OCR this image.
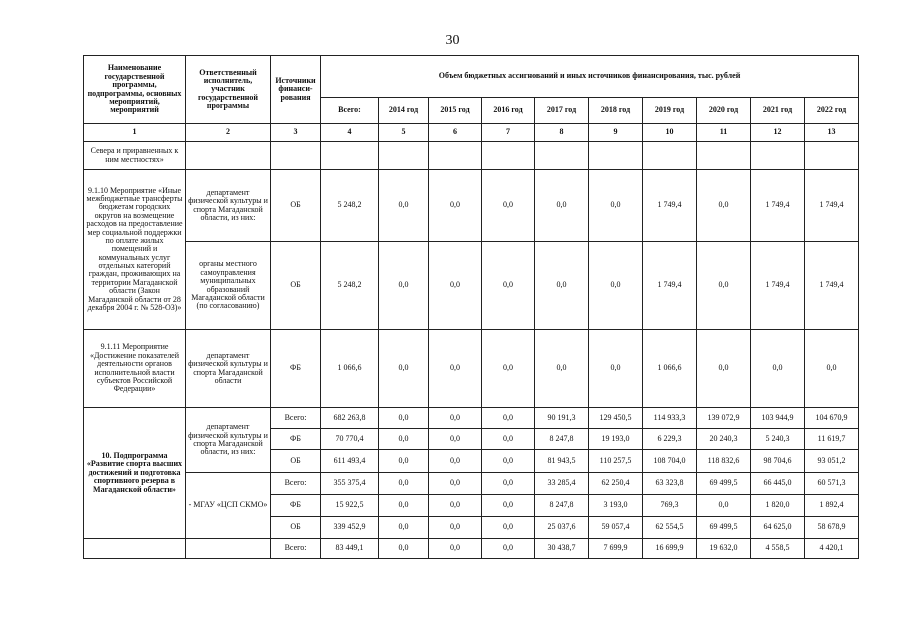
30
Наименование государственной программы, подпрограммы, основных мероприятий, мероприятий	Ответственный исполнитель, участник государственной программы	Источники финанси-рования	Объем бюджетных ассигнований и иных источников финансирования, тыс. рублей									
			Всего:	2014 год	2015 год	2016 год	2017 год	2018 год	2019 год	2020 год	2021 год	2022 год
1	2	3	4	5	6	7	8	9	10	11	12	13
Севера и приравненных к ним местностях»												
9.1.10 Мероприятие «Иные межбюджетные трансферты бюджетам городских округов на возмещение расходов на предоставление мер социальной поддержки по оплате жилых помещений и коммунальных услуг отдельных категорий граждан, проживающих на территории Магаданской области (Закон Магаданской области от 28 декабря 2004 г. № 528-ОЗ)»	департамент физической культуры и спорта Магаданской области, из них:	ОБ	5 248,2	0,0	0,0	0,0	0,0	0,0	1 749,4	0,0	1 749,4	1 749,4
	органы местного самоуправления муниципальных образований Магаданской области (по согласованию)	ОБ	5 248,2	0,0	0,0	0,0	0,0	0,0	1 749,4	0,0	1 749,4	1 749,4
9.1.11 Мероприятие «Достижение показателей деятельности органов исполнительной власти субъектов Российской Федерации»	департамент физической культуры и спорта Магаданской области	ФБ	1 066,6	0,0	0,0	0,0	0,0	0,0	1 066,6	0,0	0,0	0,0
10. Подпрограмма «Развитие спорта высших достижений и подготовка спортивного резерва в Магаданской области»	департамент физической культуры и спорта Магаданской области, из них:	Всего:	682 263,8	0,0	0,0	0,0	90 191,3	129 450,5	114 933,3	139 072,9	103 944,9	104 670,9
		ФБ	70 770,4	0,0	0,0	0,0	8 247,8	19 193,0	6 229,3	20 240,3	5 240,3	11 619,7
		ОБ	611 493,4	0,0	0,0	0,0	81 943,5	110 257,5	108 704,0	118 832,6	98 704,6	93 051,2
	- МГАУ «ЦСП СКМО»	Всего:	355 375,4	0,0	0,0	0,0	33 285,4	62 250,4	63 323,8	69 499,5	66 445,0	60 571,3
		ФБ	15 922,5	0,0	0,0	0,0	8 247,8	3 193,0	769,3	0,0	1 820,0	1 892,4
		ОБ	339 452,9	0,0	0,0	0,0	25 037,6	59 057,4	62 554,5	69 499,5	64 625,0	58 678,9
		Всего:	83 449,1	0,0	0,0	0,0	30 438,7	7 699,9	16 699,9	19 632,0	4 558,5	4 420,1
